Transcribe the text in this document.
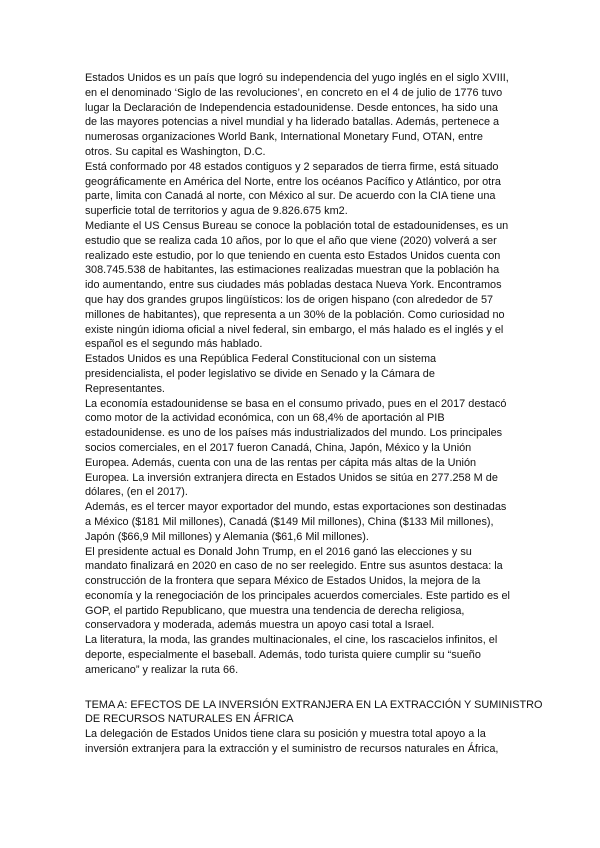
Estados Unidos es un país que logró su independencia del yugo inglés en el siglo XVIII,
en el denominado ‘Siglo de las revoluciones’, en concreto en el 4 de julio de 1776 tuvo
lugar la Declaración de Independencia estadounidense. Desde entonces, ha sido una
de las mayores potencias a nivel mundial y ha liderado batallas. Además, pertenece a
numerosas organizaciones World Bank, International Monetary Fund, OTAN, entre
otros. Su capital es Washington, D.C.
Está conformado por 48 estados contiguos y 2 separados de tierra firme, está situado
geográficamente en América del Norte, entre los océanos Pacífico y Atlántico, por otra
parte, limita con Canadá al norte, con México al sur. De acuerdo con la CIA tiene una
superficie total de territorios y agua de 9.826.675 km2.
Mediante el US Census Bureau se conoce la población total de estadounidenses, es un
estudio que se realiza cada 10 años, por lo que el año que viene (2020) volverá a ser
realizado este estudio, por lo que teniendo en cuenta esto Estados Unidos cuenta con
308.745.538 de habitantes, las estimaciones realizadas muestran que la población ha
ido aumentando, entre sus ciudades más pobladas destaca Nueva York. Encontramos
que hay dos grandes grupos lingüísticos: los de origen hispano (con alrededor de 57
millones de habitantes), que representa a un 30% de la población. Como curiosidad no
existe ningún idioma oficial a nivel federal, sin embargo, el más halado es el inglés y el
español es el segundo más hablado.
Estados Unidos es una República Federal Constitucional con un sistema
presidencialista, el poder legislativo se divide en Senado y la Cámara de
Representantes.
La economía estadounidense se basa en el consumo privado, pues en el 2017 destacó
como motor de la actividad económica, con un 68,4% de aportación al PIB
estadounidense. es uno de los países más industrializados del mundo. Los principales
socios comerciales, en el 2017 fueron Canadá, China, Japón, México y la Unión
Europea. Además, cuenta con una de las rentas per cápita más altas de la Unión
Europea. La inversión extranjera directa en Estados Unidos se sitúa en 277.258 M de
dólares, (en el 2017).
Además, es el tercer mayor exportador del mundo, estas exportaciones son destinadas
a México ($181 Mil millones), Canadá ($149 Mil millones), China ($133 Mil millones),
Japón ($66,9 Mil millones) y Alemania ($61,6 Mil millones).
El presidente actual es Donald John Trump, en el 2016 ganó las elecciones y su
mandato finalizará en 2020 en caso de no ser reelegido. Entre sus asuntos destaca: la
construcción de la frontera que separa México de Estados Unidos, la mejora de la
economía y la renegociación de los principales acuerdos comerciales. Este partido es el
GOP, el partido Republicano, que muestra una tendencia de derecha religiosa,
conservadora y moderada, además muestra un apoyo casi total a Israel.
La literatura, la moda, las grandes multinacionales, el cine, los rascacielos infinitos, el
deporte, especialmente el baseball. Además, todo turista quiere cumplir su “sueño
americano” y realizar la ruta 66.
TEMA A: EFECTOS DE LA INVERSIÓN EXTRANJERA EN LA EXTRACCIÓN Y SUMINISTRO
DE RECURSOS NATURALES EN ÁFRICA
La delegación de Estados Unidos tiene clara su posición y muestra total apoyo a la
inversión extranjera para la extracción y el suministro de recursos naturales en África,
